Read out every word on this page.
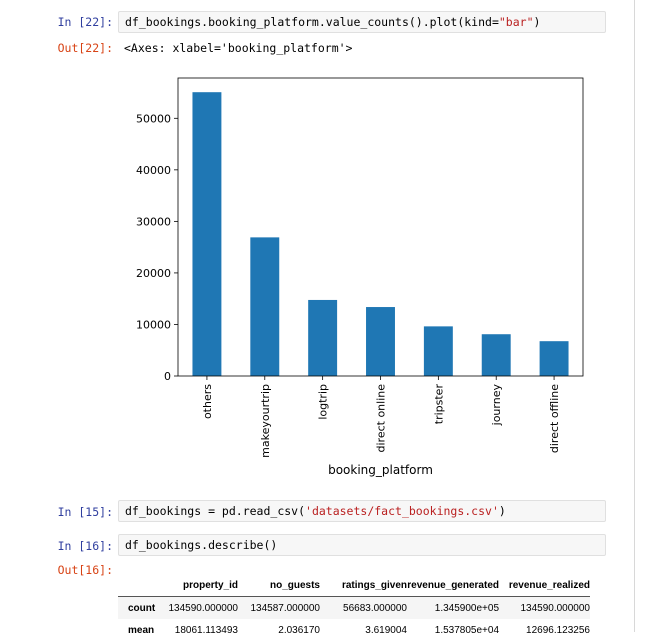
In [22]:	df_bookings.booking_platform.value_counts().plot(kind="bar")
Out[22]: <Axes: xlabel='booking_platform'>
0
10000
20000
30000
40000
50000
others	makeyourtrip	logtrip	direct online	tripster	journey	direct offline
booking_platform
In [15]:	df_bookings = pd.read_csv('datasets/fact_bookings.csv')
In [16]:	df_bookings.describe()
Out[16]:
	property_id	no_guests	ratings_given	revenue_generated	revenue_realized
count	134590.000000	134587.000000	56683.000000	1.345900e+05	134590.000000
mean	18061.113493	2.036170	3.619004	1.537805e+04	12696.123256
